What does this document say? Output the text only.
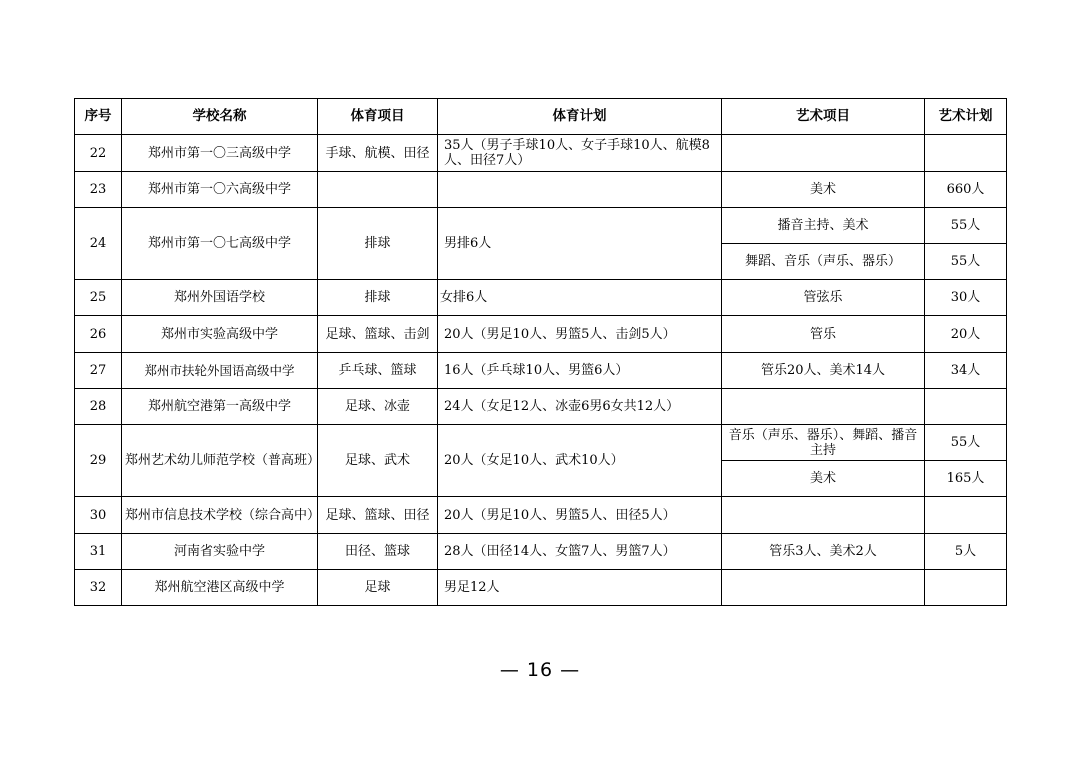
序号	学校名称	体育项目	体育计划	艺术项目	艺术计划
22	郑州市第一〇三高级中学	手球、航模、田径	35人（男子手球10人、女子手球10人、航模8人、田径7人）		
23	郑州市第一〇六高级中学			美术	660人
24	郑州市第一〇七高级中学	排球	男排6人	播音主持、美术	55人
				舞蹈、音乐（声乐、器乐）	55人
25	郑州外国语学校	排球	女排6人	管弦乐	30人
26	郑州市实验高级中学	足球、篮球、击剑	20人（男足10人、男篮5人、击剑5人）	管乐	20人
27	郑州市扶轮外国语高级中学	乒乓球、篮球	16人（乒乓球10人、男篮6人）	管乐20人、美术14人	34人
28	郑州航空港第一高级中学	足球、冰壶	24人（女足12人、冰壶6男6女共12人）		
29	郑州艺术幼儿师范学校（普高班）	足球、武术	20人（女足10人、武术10人）	音乐（声乐、器乐）、舞蹈、播音主持	55人
				美术	165人
30	郑州市信息技术学校（综合高中）	足球、篮球、田径	20人（男足10人、男篮5人、田径5人）		
31	河南省实验中学	田径、篮球	28人（田径14人、女篮7人、男篮7人）	管乐3人、美术2人	5人
32	郑州航空港区高级中学	足球	男足12人		
— 16 —
